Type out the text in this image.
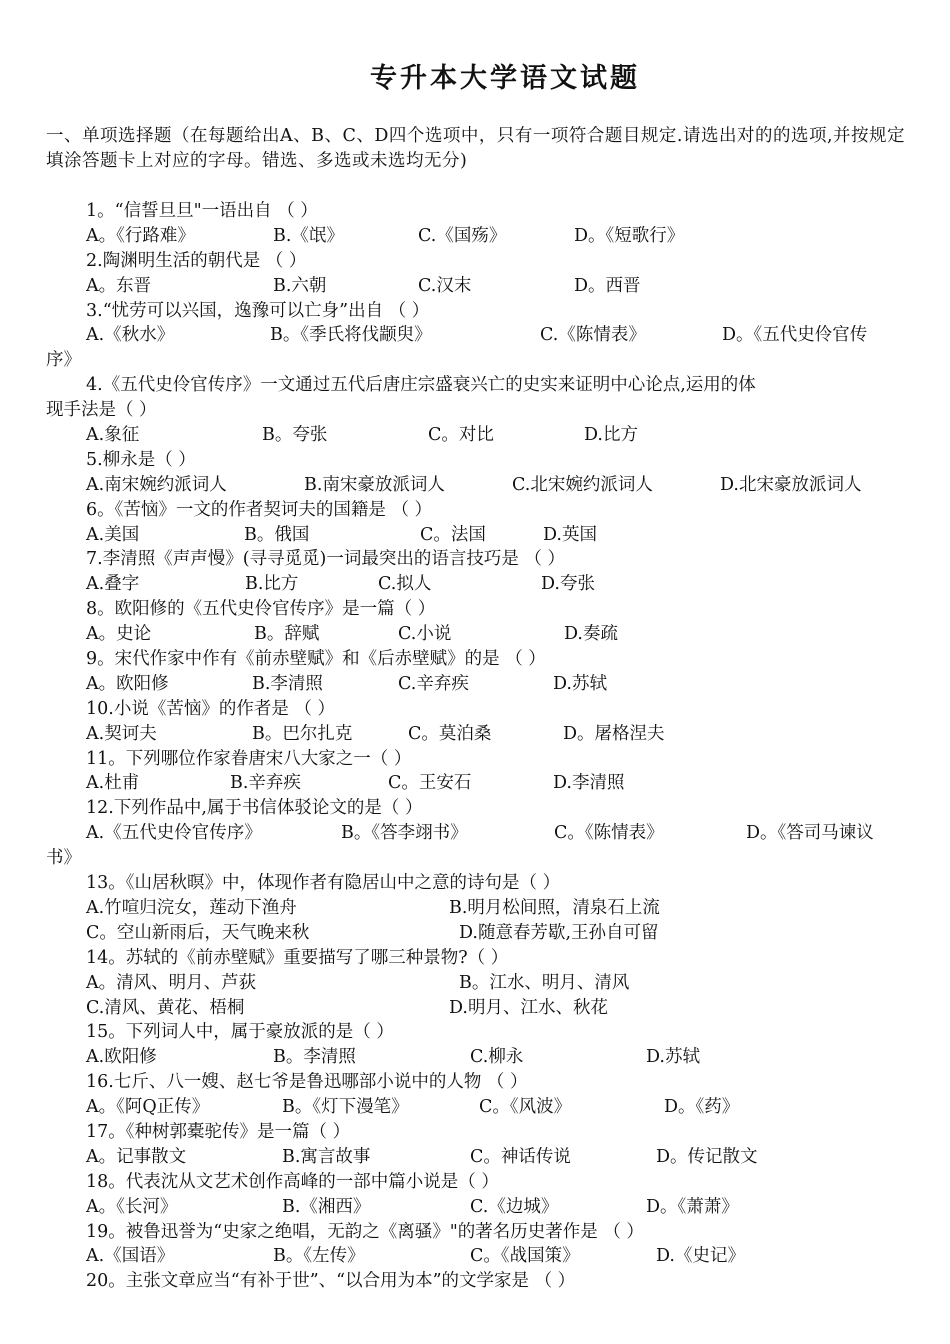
专升本大学语文试题
一、单项选择题（在每题给出A、B、C、D四个选项中，只有一项符合题目规定.请选出对的的选项,并按规定填涂答题卡上对应的字母。错选、多选或未选均无分)
1。“信誓旦旦"一语出自 （ ）
A。《行路难》	B.《氓》	C.《国殇》	D。《短歌行》
2.陶渊明生活的朝代是 （ ）
A。东晋	B.六朝	C.汉末	D。西晋
3.“忧劳可以兴国，逸豫可以亡身”出自 （ ）
A.《秋水》	B。《季氏将伐颛臾》	C.《陈情表》	D。《五代史伶官传
序》
4.《五代史伶官传序》一文通过五代后唐庄宗盛衰兴亡的史实来证明中心论点,运用的体
现手法是（ ）
A.象征	B。夸张	C。对比	D.比方
5.柳永是（ ）
A.南宋婉约派词人	B.南宋豪放派词人	C.北宋婉约派词人	D.北宋豪放派词人
6。《苦恼》一文的作者契诃夫的国籍是 （ ）
A.美国	B。俄国	C。法国	D.英国
7.李清照《声声慢》(寻寻觅觅)一词最突出的语言技巧是 （ ）
A.叠字	B.比方	C.拟人	D.夸张
8。欧阳修的《五代史伶官传序》是一篇（ ）
A。史论	B。辞赋	C.小说	D.奏疏
9。宋代作家中作有《前赤壁赋》和《后赤壁赋》的是 （ ）
A。欧阳修	B.李清照	C.辛弃疾	D.苏轼
10.小说《苦恼》的作者是 （ ）
A.契诃夫	B。巴尔扎克	C。莫泊桑	D。屠格涅夫
11。下列哪位作家眷唐宋八大家之一（ ）
A.杜甫	B.辛弃疾	C。王安石	D.李清照
12.下列作品中,属于书信体驳论文的是（ ）
A.《五代史伶官传序》	B。《答李翊书》	C。《陈情表》	D。《答司马谏议
书》
13。《山居秋暝》中，体现作者有隐居山中之意的诗句是（ ）
A.竹喧归浣女，莲动下渔舟	B.明月松间照，清泉石上流
C。空山新雨后，天气晚来秋	D.随意春芳歇,王孙自可留
14。苏轼的《前赤壁赋》重要描写了哪三种景物?（ ）
A。清风、明月、芦荻	B。江水、明月、清风
C.清风、黄花、梧桐	D.明月、江水、秋花
15。下列词人中，属于豪放派的是（ ）
A.欧阳修	B。李清照	C.柳永	D.苏轼
16.七斤、八一嫂、赵七爷是鲁迅哪部小说中的人物 （ ）
A。《阿Q正传》	B。《灯下漫笔》	C。《风波》	D。《药》
17。《种树郭橐驼传》是一篇（ ）
A。记事散文	B.寓言故事	C。神话传说	D。传记散文
18。代表沈从文艺术创作高峰的一部中篇小说是（ ）
A。《长河》	B.《湘西》	C.《边城》	D。《萧萧》
19。被鲁迅誉为“史家之绝唱，无韵之《离骚》"的著名历史著作是 （ ）
A.《国语》	B。《左传》	C。《战国策》	D.《史记》
20。主张文章应当“有补于世”、“以合用为本”的文学家是 （ ）
